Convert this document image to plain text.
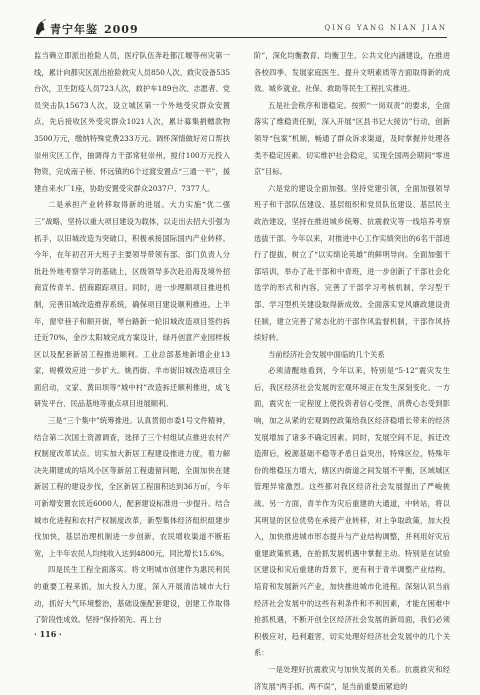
青宁年鉴 2009	QING YANG NIAN JIAN

监当赖立即派出抢险人员，医疗队伍奔赴都江堰等州灾第一线，累计向都灾区派出抢险救灾人员850人次、救灾设备535台次，卫生防疫人员723人次，救护车189台次、志愿者、党员突击队15673人次，设立城区第一个外地受灾群众安置点，先后接收区外受灾群众1021人次，累计募集捐赠款物3500万元，缴纳特殊党费233万元。调怀深情做好对口帮扶崇州灾区工作，抽调得力干部常驻崇州，搅付100万元投入物资，完成南子桥、怀远镇的6个过渡安置点“三通一平”，援建自来水厂1座，协助安置受灾群众2037户、7377人。

二是承担产业转移取得新的进展。大力实施“优二强三”战略，坚持以重大项目建设为载体，以走出去招大引强为抓手，以旧城改造为突破口，积极承接国际国内产业转移。今年，在年初召开大班子主要领导带领有部、部门负责人分批赴外地考察学习的基础上，区级领导多次赴沿海及境外招商宣传青羊、招商跟踪项目。同时，进一步理顺项目推进机制，完善旧城改造推荐系统，确保项目建设顺利推进。上半年，窗窄巷子和顺开街，琴台路新一轮旧城改造项目签约拆迁近70%，金沙太阳城完成方案设计，绿丹创意产业园样板区以及配套新居工程推进顺利。工业总部基地新增企业13家，规模效应进一步扩大。姚西街、羊市街旧城改造项目全面启动，文家、黄田坝等“城中村”改造拆迁顺利推进，成飞研发平台、民品基地等重点项目进展顺利。

三是“三个集中”统筹推进。认真贯彻市委1号文件精神，结合第二次国土资源调查，选择了三个村组试点推进农村产权制度改革试点。切实加大新居工程建设推进力度，着力解决先期建成的培风小区等新居工程遗留问题，全面加快在建新居工程的建设步伐，全区新居工程面积达到36万㎡，今年可新增安置农民近6000人，配套建设标准进一步提升。结合城市化进程和农村产权制度改革，新型集体经济组织组建步伐加快，基层治理机制进一步创新，农民增收渠道不断拓宽，上半年农民人均纯收入达到4800元，同比增长15.6%。

四是民生工程全面落实。将文明城市创建作为惠民利民的重要工程来抓，加大投入力度，深入开展清洁城市大行动，抓好大气环境整治，基础设施配套建设，创建工作取得了阶段性成效。坚持“保持领先、再上台

阶”，深化均衡教育、均衡卫生、公共文化内涵建设，在推进各校四季、发展家庭医生、提升文明素质等方面取得新的成效。城乡就业、社保、救助等民生工程扎实推进。

五是社会秩序和谐稳定。按照“一岗双责”的要求，全面落实了维稳责任制，深入开展“区县书记大接访”行动，创新领导“包案”机制，畅通了群众诉求渠道，及时掌握并处理各类不稳定因素。切实维护社会稳定，实现全国两会期间“零进京”目标。

六是党的建设全面加强。坚持党建引领，全面加强领导班子和干部队伍建设、基层组织和党员队伍建设、基层民主政治建设，坚持在推进城乡统筹、抗震救灾等一线培养考察选拔干部。今年以来，对推进中心工作实绩突出的6名干部进行了提拔，树立了“以实绩论英雄”的鲜明导向。全面加强干部培训，举办了赴干部和中青班，进一步创新了干部社会化选学的形式和内容，完善了干部学习考核机制，学习型干部、学习型机关建设取得新成效。全面落实党风廉政建设责任制，建立完善了常态化的干部作风监督机制，干部作风持续好转。

当前经济社会发展中面临的几个关系

必须清醒地看到，今年以来，特别是“5·12”震灾发生后，我区经济社会发展的宏观环境正在发生深刻变化。一方面，震灾在一定程度上使投资者信心受挫，消费心态受到影响，加之从紧的宏观调控政策给我区经济稳增长带来的经济发展增加了诸多不确定因素。同时，发展空间不足，拆迁改造滞后，税源基础不稳等矛盾日益突出，特殊区位，特殊年份的维稳压力增大，辖区内街道之间发展不平衡，区域城区管理异常激烈。这些都对我区经济社会发展提出了严峻挑战。另一方面，青羊作为灾后重建的大通道，中转站，将以其明显的区位优势在承接产业转移，对上争取政策，加大投入，加快推进城市形态提升与产业结构调整，并利用好灾后重建政策机遇，在抢抓发展机遇中掌握主动。特别是在试验区建设和灾后重建的背景下，更有利于青羊调整产业结构，培育和发展新兴产业，加快推进城市化进程。深刻认识当前经济社会发展中的这些有利条件和不利因素，才能在困难中抢抓机遇，不断开创全区经济社会发展的新局面，我们必须积极应对，趋利避害，切实处理好经济社会发展中的几个关系：

一是处理好抗震救灾与加快发展的关系。抗震救灾和经济发展“两手抓、两不误”，是当前重要而紧迫的

· 116 ·
